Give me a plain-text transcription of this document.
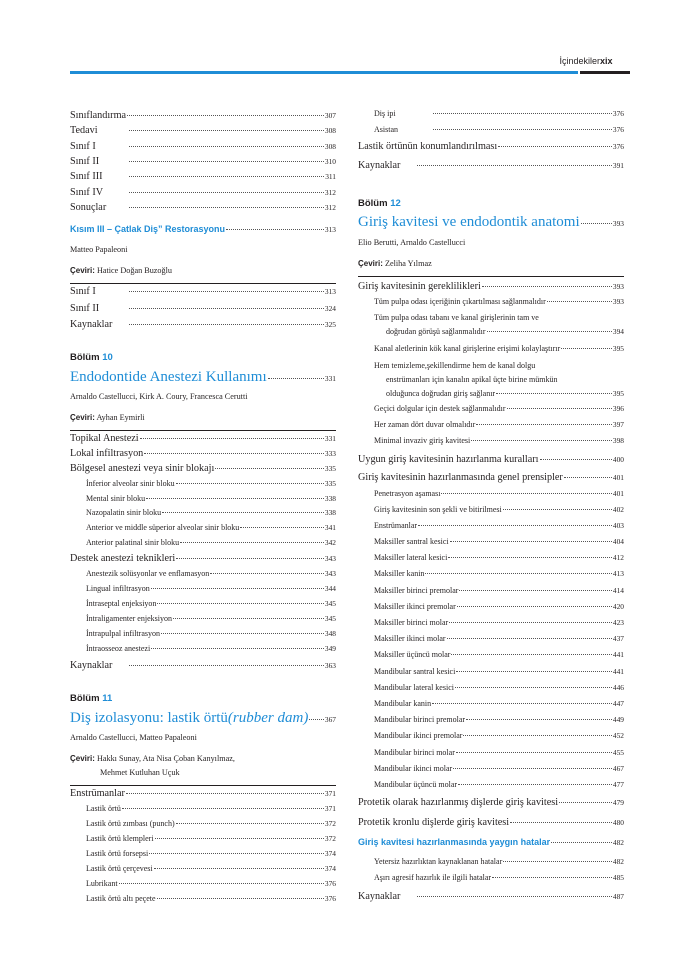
İçindekiler xix
Sınıflandırma	307
Tedavi	308
Sınıf I	308
Sınıf II	310
Sınıf III	311
Sınıf IV	312
Sonuçlar	312
Kısım III – Çatlak Diş” Restorasyonu	313
Matteo Papaleoni
Çeviri: Hatice Doğan Buzoğlu
Sınıf I	313
Sınıf II	324
Kaynaklar	325
Bölüm 10
Endodontide Anestezi Kullanımı	331
Arnaldo Castellucci, Kirk A. Coury, Francesca Cerutti
Çeviri: Ayhan Eymirli
Topikal Anestezi	331
Lokal infiltrasyon	333
Bölgesel anestezi veya sinir blokajı	335
İnferior alveolar sinir bloku	335
Mental sinir bloku	338
Nazopalatin sinir bloku	338
Anterior ve middle süperior alveolar sinir bloku	341
Anterior palatinal sinir bloku	342
Destek anestezi teknikleri	343
Anestezik solüsyonlar ve enflamasyon	343
Lingual infiltrasyon	344
İntraseptal enjeksiyon	345
İntraligamenter enjeksiyon	345
İntrapulpal infiltrasyon	348
İntraosseoz anestezi	349
Kaynaklar	363
Bölüm 11
Diş izolasyonu: lastik örtü (rubber dam) 367
Arnaldo Castellucci, Matteo Papaleoni
Çeviri: Hakkı Sunay, Ata Nisa Çoban Kanyılmaz,
Mehmet Kutluhan Uçuk
Enstrümanlar	371
Lastik örtü	371
Lastik örtü zımbası (punch)	372
Lastik örtü klempleri	372
Lastik örtü forsepsi	374
Lastik örtü çerçevesi	374
Lubrikant	376
Lastik örtü altı peçete	376
Diş ipi	376
Asistan	376
Lastik örtünün konumlandırılması	376
Kaynaklar	391
Bölüm 12
Giriş kavitesi ve endodontik anatomi	393
Elio Berutti, Arnaldo Castellucci
Çeviri: Zeliha Yılmaz
Giriş kavitesinin gereklilikleri	393
Tüm pulpa odası içeriğinin çıkartılması sağlanmalıdır	393
Tüm pulpa odası tabanı ve kanal girişlerinin tam ve
doğrudan görüşü sağlanmalıdır	394
Kanal aletlerinin kök kanal girişlerine erişimi kolaylaştırır	395
Hem temizleme,şekillendirme hem de kanal dolgu
enstrümanları için kanalın apikal üçte birine mümkün
olduğunca doğrudan giriş sağlanır	395
Geçici dolgular için destek sağlanmalıdır	396
Her zaman dört duvar olmalıdır	397
Minimal invaziv giriş kavitesi	398
Uygun giriş kavitesinin hazırlanma kuralları	400
Giriş kavitesinin hazırlanmasında genel prensipler	401
Penetrasyon aşaması	401
Giriş kavitesinin son şekli ve bitirilmesi	402
Enstrümanlar	403
Maksiller santral kesici	404
Maksiller lateral kesici	412
Maksiller kanin	413
Maksiller birinci premolar	414
Maksiller ikinci premolar	420
Maksiller birinci molar	423
Maksiller ikinci molar	437
Maksiller üçüncü molar	441
Mandibular santral kesici	441
Mandibular lateral kesici	446
Mandibular kanin	447
Mandibular birinci premolar	449
Mandibular ikinci premolar	452
Mandibular birinci molar	455
Mandibular ikinci molar	467
Mandibular üçüncü molar	477
Protetik olarak hazırlanmış dişlerde giriş kavitesi	479
Protetik kronlu dişlerde giriş kavitesi	480
Giriş kavitesi hazırlanmasında yaygın hatalar	482
Yetersiz hazırlıktan kaynaklanan hatalar	482
Aşırı agresif hazırlık ile ilgili hatalar	485
Kaynaklar	487
